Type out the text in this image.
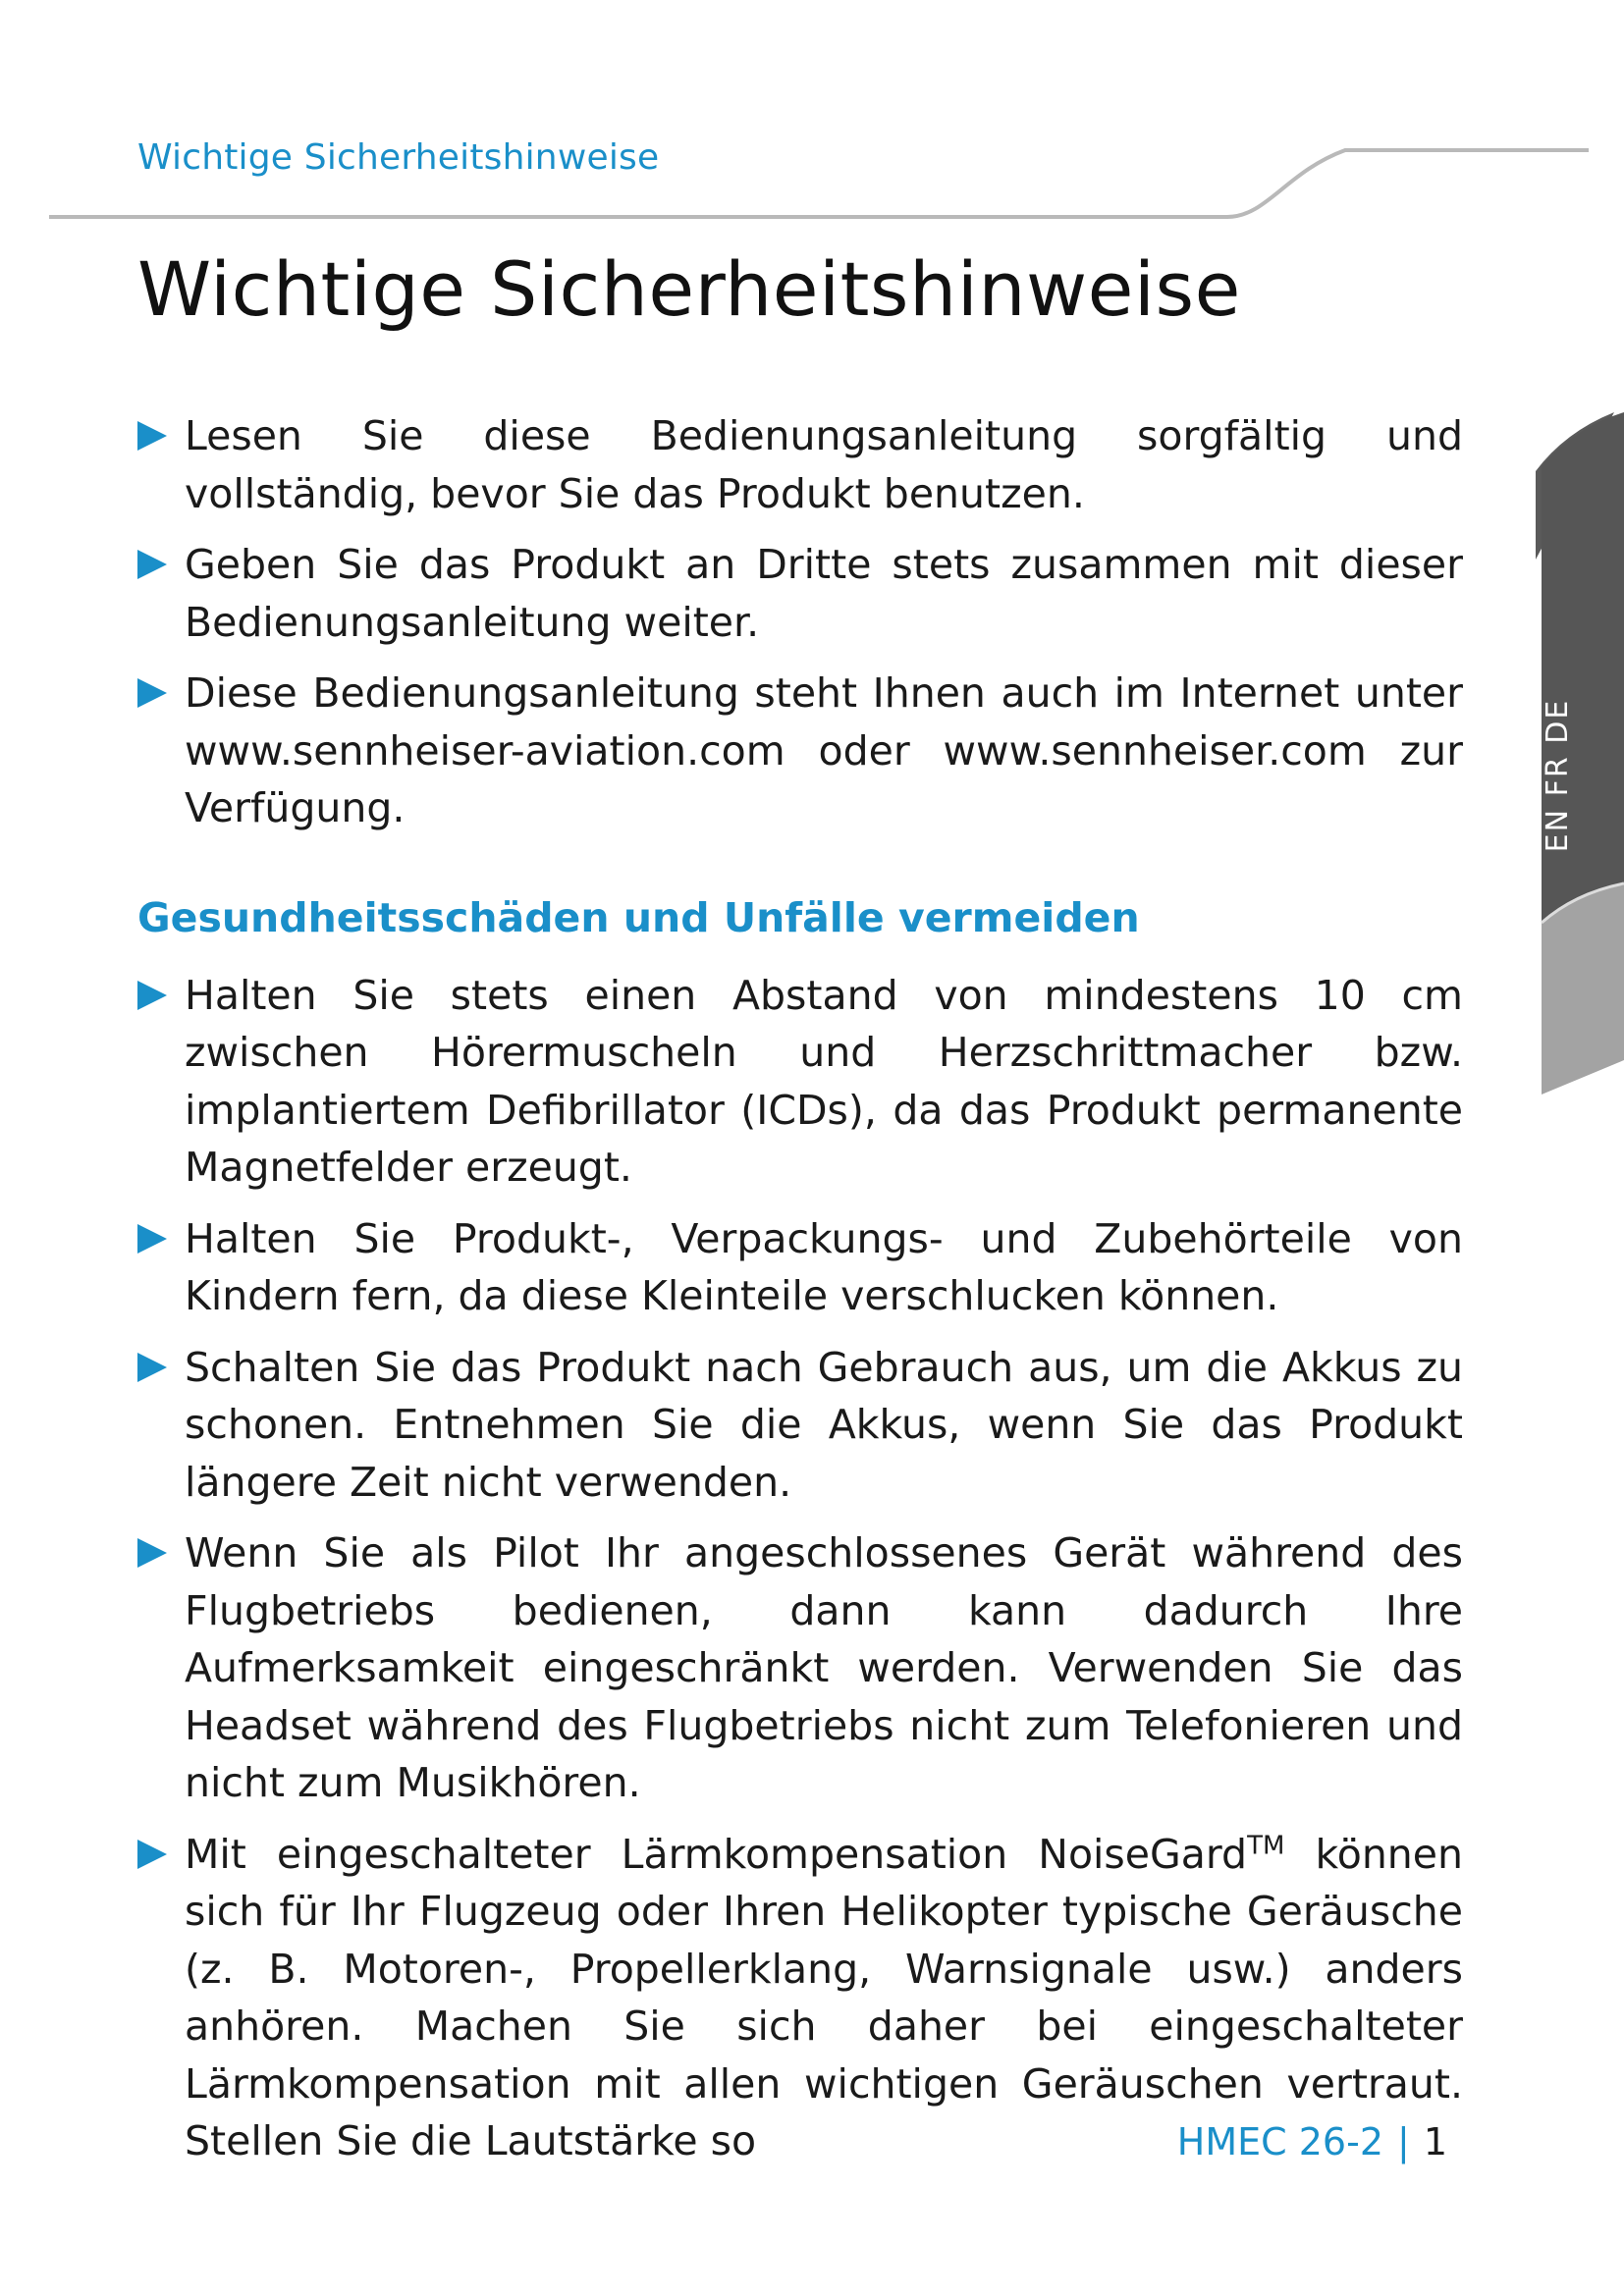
Wichtige Sicherheitshinweise
Wichtige Sicherheitshinweise
Lesen Sie diese Bedienungsanleitung sorgfältig und vollständig, bevor Sie das Produkt benutzen.
Geben Sie das Produkt an Dritte stets zusammen mit dieser Bedienungsanleitung weiter.
Diese Bedienungsanleitung steht Ihnen auch im Internet unter www.sennheiser-aviation.com oder www.sennheiser.com zur Verfügung.
Gesundheitsschäden und Unfälle vermeiden
Halten Sie stets einen Abstand von mindestens 10 cm zwischen Hörermuscheln und Herzschrittmacher bzw. implantiertem Defibrillator (ICDs), da das Produkt permanente Magnetfelder erzeugt.
Halten Sie Produkt-, Verpackungs- und Zubehörteile von Kindern fern, da diese Kleinteile verschlucken können.
Schalten Sie das Produkt nach Gebrauch aus, um die Akkus zu schonen. Entnehmen Sie die Akkus, wenn Sie das Produkt längere Zeit nicht verwenden.
Wenn Sie als Pilot Ihr angeschlossenes Gerät während des Flugbetriebs bedienen, dann kann dadurch Ihre Aufmerksamkeit eingeschränkt werden. Verwenden Sie das Headset während des Flugbetriebs nicht zum Telefonieren und nicht zum Musikhören.
Mit eingeschalteter Lärmkompensation NoiseGard™ können sich für Ihr Flugzeug oder Ihren Helikopter typische Geräusche (z. B. Motoren-, Propellerklang, Warnsignale usw.) anders anhören. Machen Sie sich daher bei eingeschalteter Lärmkompensation mit allen wichtigen Geräuschen vertraut. Stellen Sie die Lautstärke so
EN FR DE
HMEC 26-2 | 1
